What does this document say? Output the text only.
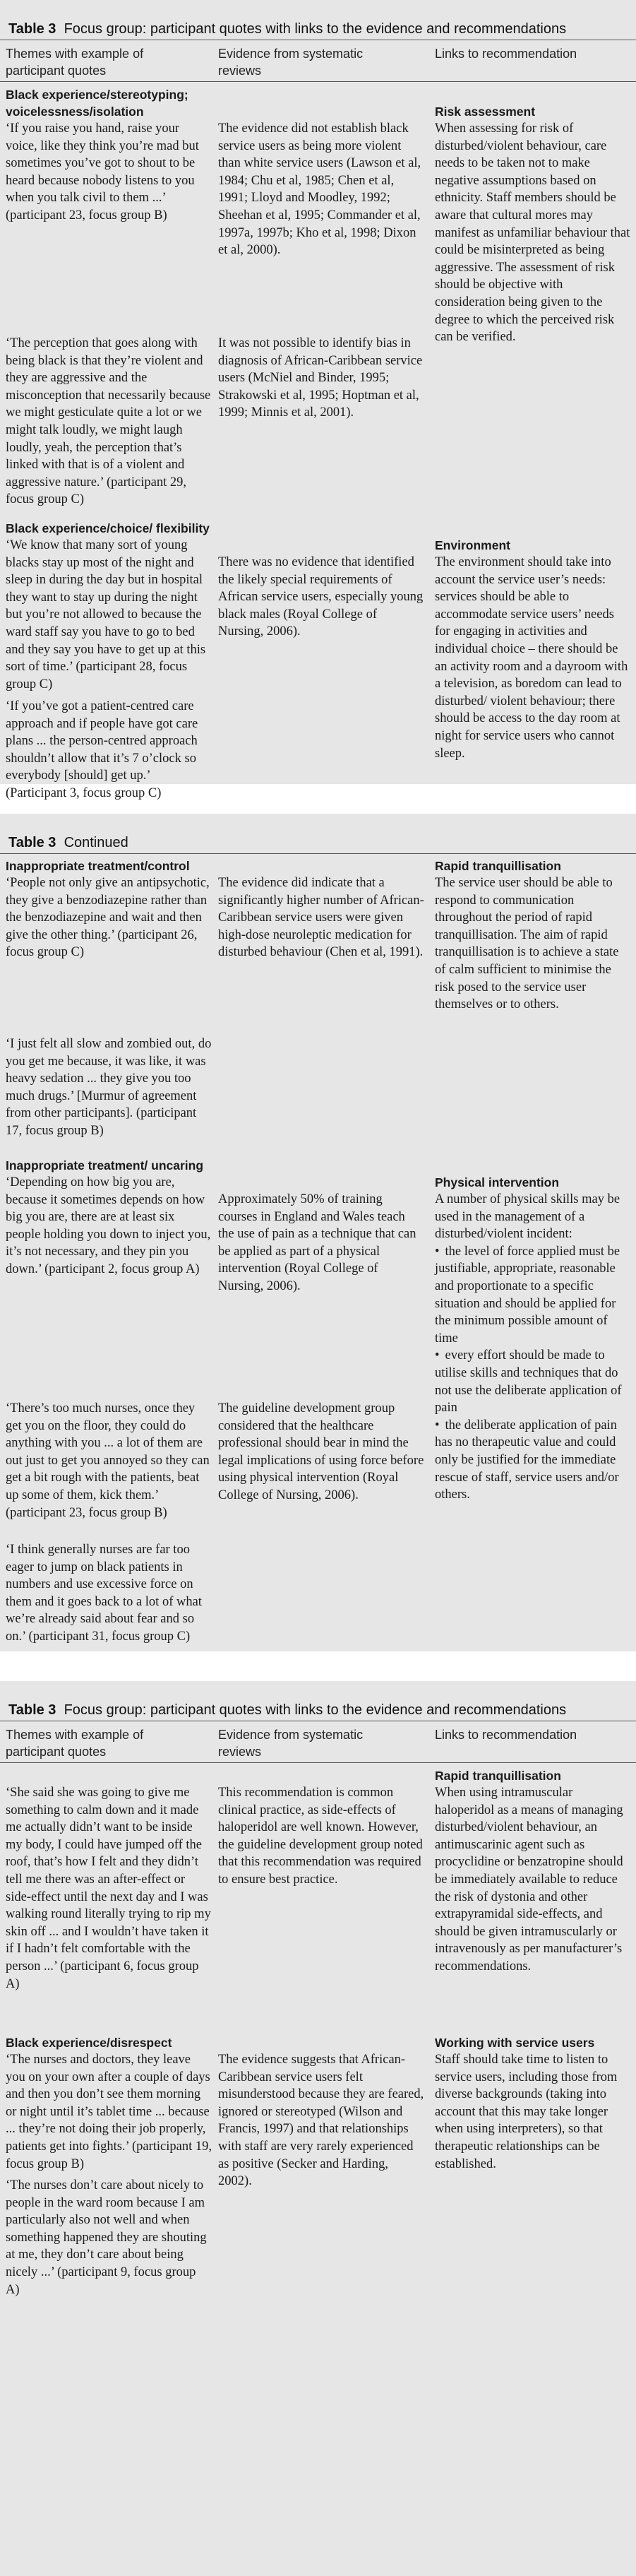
Table 3 Focus group: participant quotes with links to the evidence and recommendations
Themes with example of participant quotes
Evidence from systematic reviews
Links to recommendation

Black experience/stereotyping; voicelessness/isolation

‘If you raise you hand, raise your voice, like they think you’re mad but sometimes you’ve got to shout to be heard because nobody listens to you when you talk civil to them ...’ (participant 23, focus group B)

The evidence did not establish black service users as being more violent than white service users (Lawson et al, 1984; Chu et al, 1985; Chen et al, 1991; Lloyd and Moodley, 1992; Sheehan et al, 1995; Commander et al, 1997a, 1997b; Kho et al, 1998; Dixon et al, 2000).

Risk assessment

When assessing for risk of disturbed/violent behaviour, care needs to be taken not to make negative assumptions based on ethnicity. Staff members should be aware that cultural mores may manifest as unfamiliar behaviour that could be misinterpreted as being aggressive. The assessment of risk should be objective with consideration being given to the degree to which the perceived risk can be verified.

‘The perception that goes along with being black is that they’re violent and they are aggressive and the misconception that necessarily because we might gesticulate quite a lot or we might talk loudly, we might laugh loudly, yeah, the perception that’s linked with that is of a violent and aggressive nature.’ (participant 29, focus group C)
It was not possible to identify bias in diagnosis of African-Caribbean service users (McNiel and Binder, 1995; Strakowski et al, 1995; Hoptman et al, 1999; Minnis et al, 2001).

Black experience/choice/ flexibility

‘We know that many sort of young blacks stay up most of the night and sleep in during the day but in hospital they want to stay up during the night but you’re not allowed to because the ward staff say you have to go to bed and they say you have to get up at this sort of time.’ (participant 28, focus group C)

There was no evidence that identified the likely special requirements of African service users, especially young black males (Royal College of Nursing, 2006).

Environment

The environment should take into account the service user’s needs: services should be able to accommodate service users’ needs for engaging in activities and individual choice – there should be an activity room and a dayroom with a television, as boredom can lead to disturbed/ violent behaviour; there should be access to the day room at night for service users who cannot sleep.

‘If you’ve got a patient-centred care approach and if people have got care plans ... the person-centred approach shouldn’t allow that it’s 7 o’clock so everybody [should] get up.’ (Participant 3, focus group C)
Table 3 Continued

Inappropriate treatment/control

‘People not only give an antipsychotic, they give a benzodiazepine rather than the benzodiazepine and wait and then give the other thing.’ (participant 26, focus group C)

The evidence did indicate that a significantly higher number of African-Caribbean service users were given high-dose neuroleptic medication for disturbed behaviour (Chen et al, 1991).

Rapid tranquillisation

The service user should be able to respond to communication throughout the period of rapid tranquillisation. The aim of rapid tranquillisation is to achieve a state of calm sufficient to minimise the risk posed to the service user themselves or to others.

‘I just felt all slow and zombied out, do you get me because, it was like, it was heavy sedation ... they give you too much drugs.’ [Murmur of agreement from other participants]. (participant 17, focus group B)

Inappropriate treatment/ uncaring

‘Depending on how big you are, because it sometimes depends on how big you are, there are at least six people holding you down to inject you, it’s not necessary, and they pin you down.’ (participant 2, focus group A)

Approximately 50% of training courses in England and Wales teach the use of pain as a technique that can be applied as part of a physical intervention (Royal College of Nursing, 2006).

Physical intervention

A number of physical skills may be used in the management of a disturbed/violent incident:

• the level of force applied must be justifiable, appropriate, reasonable and proportionate to a specific situation and should be applied for the minimum possible amount of time

• every effort should be made to utilise skills and techniques that do not use the deliberate application of pain

• the deliberate application of pain has no therapeutic value and could only be justified for the immediate rescue of staff, service users and/or others.

‘There’s too much nurses, once they get you on the floor, they could do anything with you ... a lot of them are out just to get you annoyed so they can get a bit rough with the patients, beat up some of them, kick them.’ (participant 23, focus group B)
The guideline development group considered that the healthcare professional should bear in mind the legal implications of using force before using physical intervention (Royal College of Nursing, 2006).
‘I think generally nurses are far too eager to jump on black patients in numbers and use excessive force on them and it goes back to a lot of what we’re already said about fear and so on.’ (participant 31, focus group C)
Table 3 Focus group: participant quotes with links to the evidence and recommendations
Themes with example of participant quotes
Evidence from systematic reviews
Links to recommendation
‘She said she was going to give me something to calm down and it made me actually didn’t want to be inside my body, I could have jumped off the roof, that’s how I felt and they didn’t tell me there was an after-effect or side-effect until the next day and I was walking round literally trying to rip my skin off ... and I wouldn’t have taken it if I hadn’t felt comfortable with the person ...’ (participant 6, focus group A)
This recommendation is common clinical practice, as side-effects of haloperidol are well known. However, the guideline development group noted that this recommendation was required to ensure best practice.

Rapid tranquillisation

When using intramuscular haloperidol as a means of managing disturbed/violent behaviour, an antimuscarinic agent such as procyclidine or benzatropine should be immediately available to reduce the risk of dystonia and other extrapyramidal side-effects, and should be given intramuscularly or intravenously as per manufacturer’s recommendations.

Black experience/disrespect

‘The nurses and doctors, they leave you on your own after a couple of days and then you don’t see them morning or night until it’s tablet time ... because ... they’re not doing their job properly, patients get into fights.’ (participant 19, focus group B)

The evidence suggests that African-Caribbean service users felt misunderstood because they are feared, ignored or stereotyped (Wilson and Francis, 1997) and that relationships with staff are very rarely experienced as positive (Secker and Harding, 2002).

Working with service users

Staff should take time to listen to service users, including those from diverse backgrounds (taking into account that this may take longer when using interpreters), so that therapeutic relationships can be established.

‘The nurses don’t care about nicely to people in the ward room because I am particularly also not well and when something happened they are shouting at me, they don’t care about being nicely ...’ (participant 9, focus group A)
